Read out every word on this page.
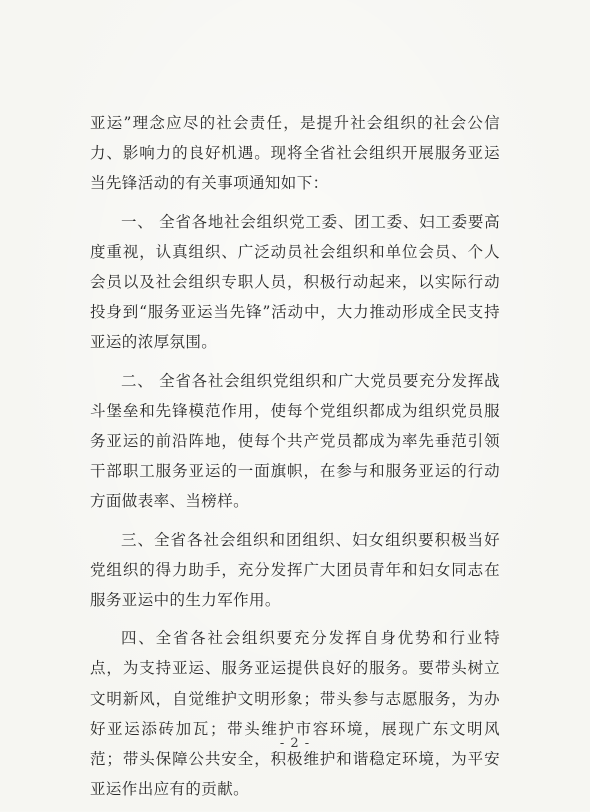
亚运”理念应尽的社会责任，是提升社会组织的社会公信力、影响力的良好机遇。现将全省社会组织开展服务亚运当先锋活动的有关事项通知如下：

一、 全省各地社会组织党工委、团工委、妇工委要高度重视，认真组织、广泛动员社会组织和单位会员、个人会员以及社会组织专职人员，积极行动起来，以实际行动投身到“服务亚运当先锋”活动中，大力推动形成全民支持亚运的浓厚氛围。

二、 全省各社会组织党组织和广大党员要充分发挥战斗堡垒和先锋模范作用，使每个党组织都成为组织党员服务亚运的前沿阵地，使每个共产党员都成为率先垂范引领干部职工服务亚运的一面旗帜，在参与和服务亚运的行动方面做表率、当榜样。

三、全省各社会组织和团组织、妇女组织要积极当好党组织的得力助手，充分发挥广大团员青年和妇女同志在服务亚运中的生力军作用。

四、全省各社会组织要充分发挥自身优势和行业特点，为支持亚运、服务亚运提供良好的服务。要带头树立文明新风，自觉维护文明形象；带头参与志愿服务，为办好亚运添砖加瓦；带头维护市容环境，展现广东文明风范；带头保障公共安全，积极维护和谐稳定环境，为平安亚运作出应有的贡献。

- 2 -
